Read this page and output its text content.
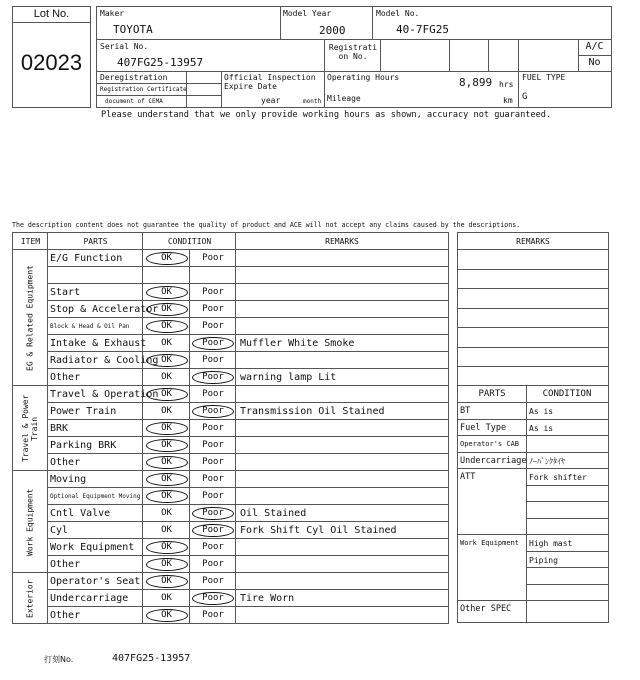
Lot No.
02023
Maker
TOYOTA
Model Year
2000
Model No.
40-7FG25
Serial No.
407FG25-13957
Registrati
on No.
A/C
No
Deregistration
Registration Certificate
document of CEMA
Official Inspection
Expire Date
year	month
Operating Hours	8,899 hrs
Mileage	km
FUEL TYPE
G
Please understand that we only provide working hours as shown, accuracy not guaranteed.
The description content does not guarantee the quality of product and ACE will not accept any claims caused by the descriptions.
ITEM	PARTS	CONDITION	REMARKS
EG & Related Equipment
E/G Function	OK	Poor
Start	OK	Poor
Stop & Accelerator OK	Poor
Block & Head & Oil Pan	OK	Poor
Intake & Exhaust	OK	Poor	Muffler White Smoke
Radiator & Cooling OK	Poor
Other	OK	Poor	warning lamp Lit
Travel & Power
Train
Travel & Operation OK	Poor
Power Train	OK	Poor	Transmission Oil Stained
BRK	OK	Poor
Parking BRK	OK	Poor
Other	OK	Poor
Work Equipment
Moving	OK	Poor
Optional Equipment Moving	OK	Poor
Cntl Valve	OK	Poor	Oil Stained
Cyl	OK	Poor	Fork Shift Cyl Oil Stained
Work Equipment	OK	Poor
Other	OK	Poor
Exterior	Operator's Seat	OK	Poor
Undercarriage	OK	Poor	Tire Worn
Other	OK	Poor
REMARKS
PARTS	CONDITION
BT	As is
Fuel Type	As is
Operator's CAB
Undercarriage ﾉｰﾊﾞﾝｸﾀｲﾔ
ATT	Fork shifter
Work Equipment	High mast
Piping
Other SPEC
打刻No.	407FG25-13957
